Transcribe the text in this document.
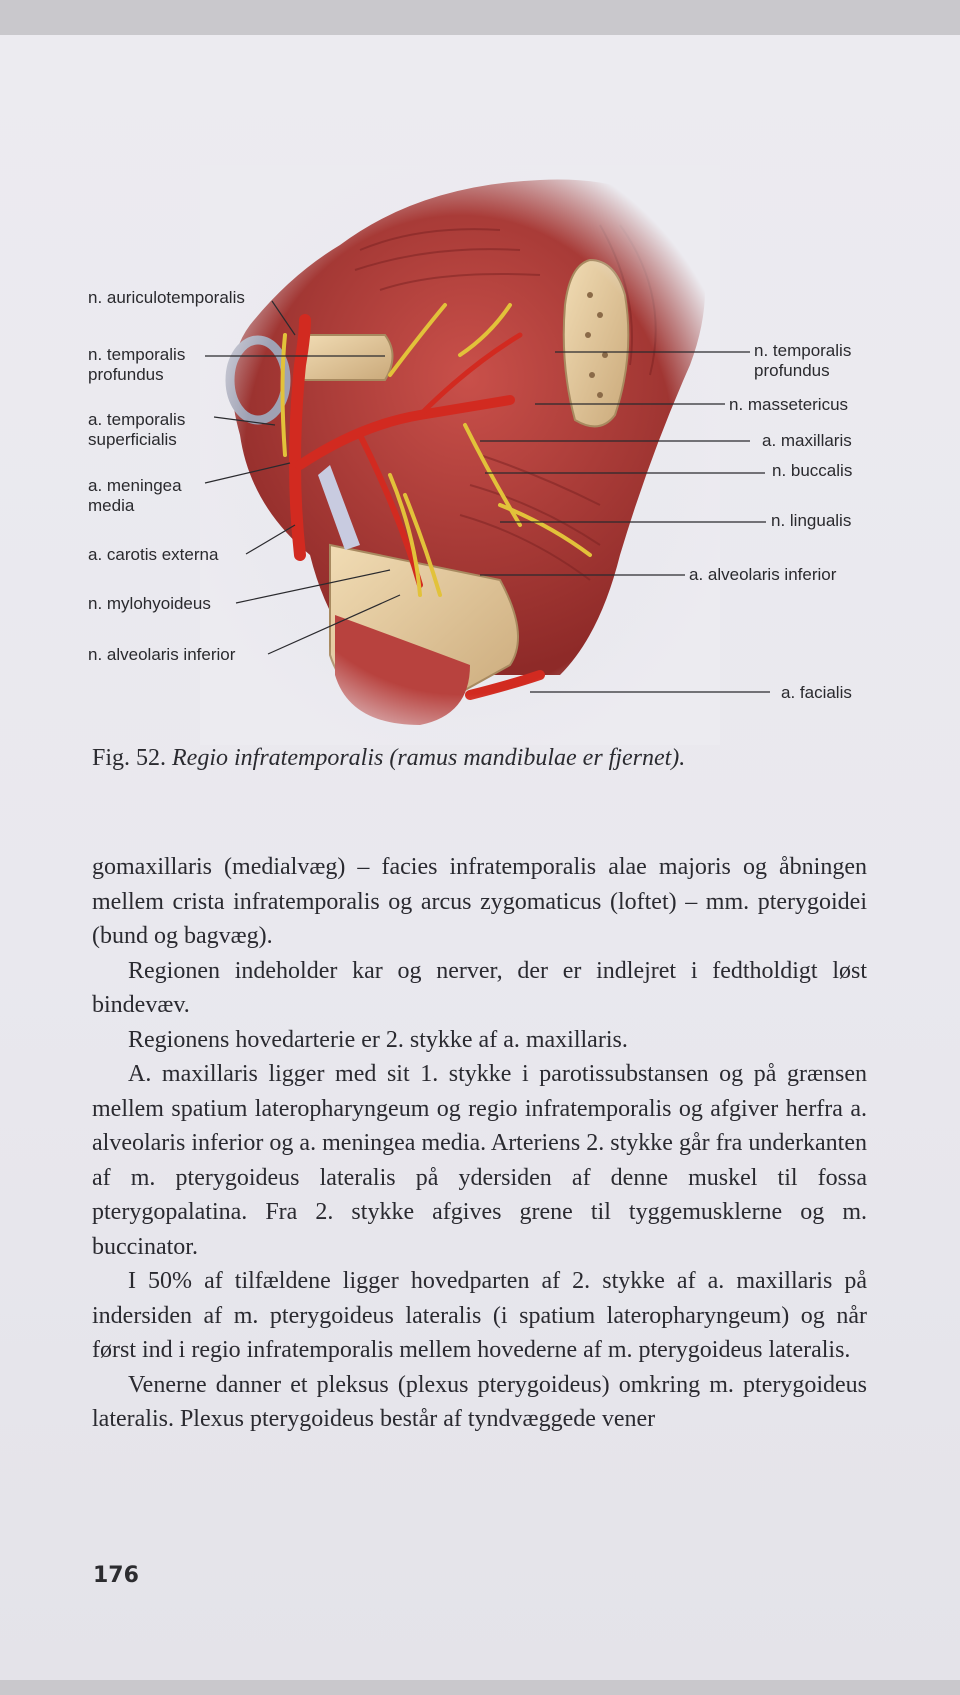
n. auriculotemporalis
n. temporalis
profundus
a. temporalis
superficialis
a. meningea
media
a. carotis externa
n. mylohyoideus
n. alveolaris inferior
n. temporalis
profundus
n. massetericus
a. maxillaris
n. buccalis
n. lingualis
a. alveolaris inferior
a. facialis
Fig. 52. Regio infratemporalis (ramus mandibulae er fjernet).

gomaxillaris (medialvæg) – facies infratemporalis alae majoris og åbningen mellem crista infratemporalis og arcus zygomaticus (loftet) – mm. pterygoidei (bund og bagvæg).

Regionen indeholder kar og nerver, der er indlejret i fedtholdigt løst bindevæv.

Regionens hovedarterie er 2. stykke af a. maxillaris.

A. maxillaris ligger med sit 1. stykke i parotissubstansen og på grænsen mellem spatium lateropharyngeum og regio infratemporalis og afgiver herfra a. alveolaris inferior og a. meningea media. Arteriens 2. stykke går fra underkanten af m. pterygoideus lateralis på ydersiden af denne muskel til fossa pterygopalatina. Fra 2. stykke afgives grene til tyggemusklerne og m. buccinator.

I 50% af tilfældene ligger hovedparten af 2. stykke af a. maxillaris på indersiden af m. pterygoideus lateralis (i spatium lateropharyngeum) og når først ind i regio infratemporalis mellem hovederne af m. pterygoideus lateralis.

Venerne danner et pleksus (plexus pterygoideus) omkring m. pterygoideus lateralis. Plexus pterygoideus består af tyndvæggede vener

176
